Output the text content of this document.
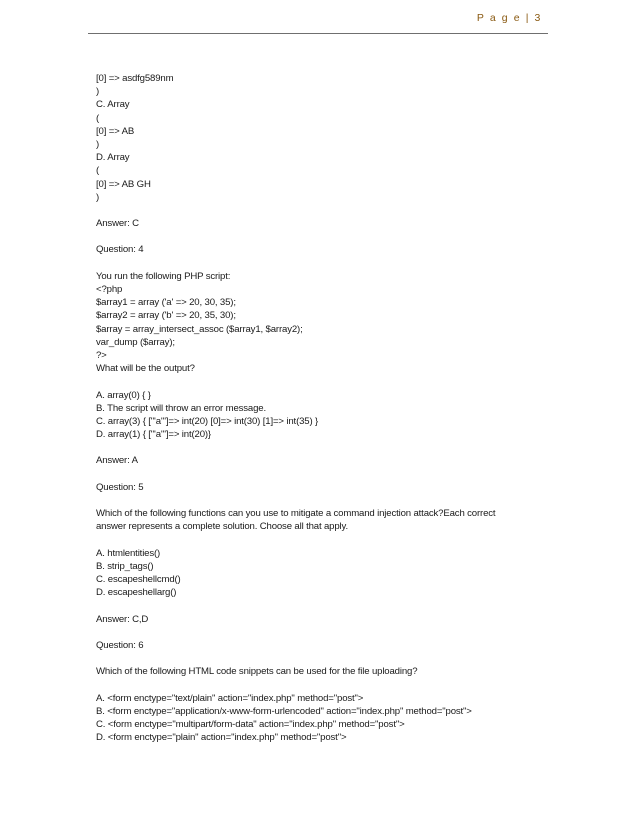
P a g e | 3
[0] => asdfg589nm
)
C. Array
(
[0] => AB
)
D. Array
(
[0] => AB GH
)
Answer: C
Question: 4
You run the following PHP script:
<?php
$array1 = array ('a' => 20, 30, 35);
$array2 = array ('b' => 20, 35, 30);
$array = array_intersect_assoc ($array1, $array2);
var_dump ($array);
?>
What will be the output?
A. array(0) { }
B. The script will throw an error message.
C. array(3) { ["'a'"]=> int(20) [0]=> int(30) [1]=> int(35) }
D. array(1) { ["'a'"]=> int(20)}
Answer: A
Question: 5
Which of the following functions can you use to mitigate a command injection attack?Each correct
answer represents a complete solution. Choose all that apply.
A. htmlentities()
B. strip_tags()
C. escapeshellcmd()
D. escapeshellarg()
Answer: C,D
Question: 6
Which of the following HTML code snippets can be used for the file uploading?
A. <form enctype="text/plain" action="index.php" method="post">
B. <form enctype="application/x-www-form-urlencoded" action="index.php" method="post">
C. <form enctype="multipart/form-data" action="index.php" method="post">
D. <form enctype="plain" action="index.php" method="post">
